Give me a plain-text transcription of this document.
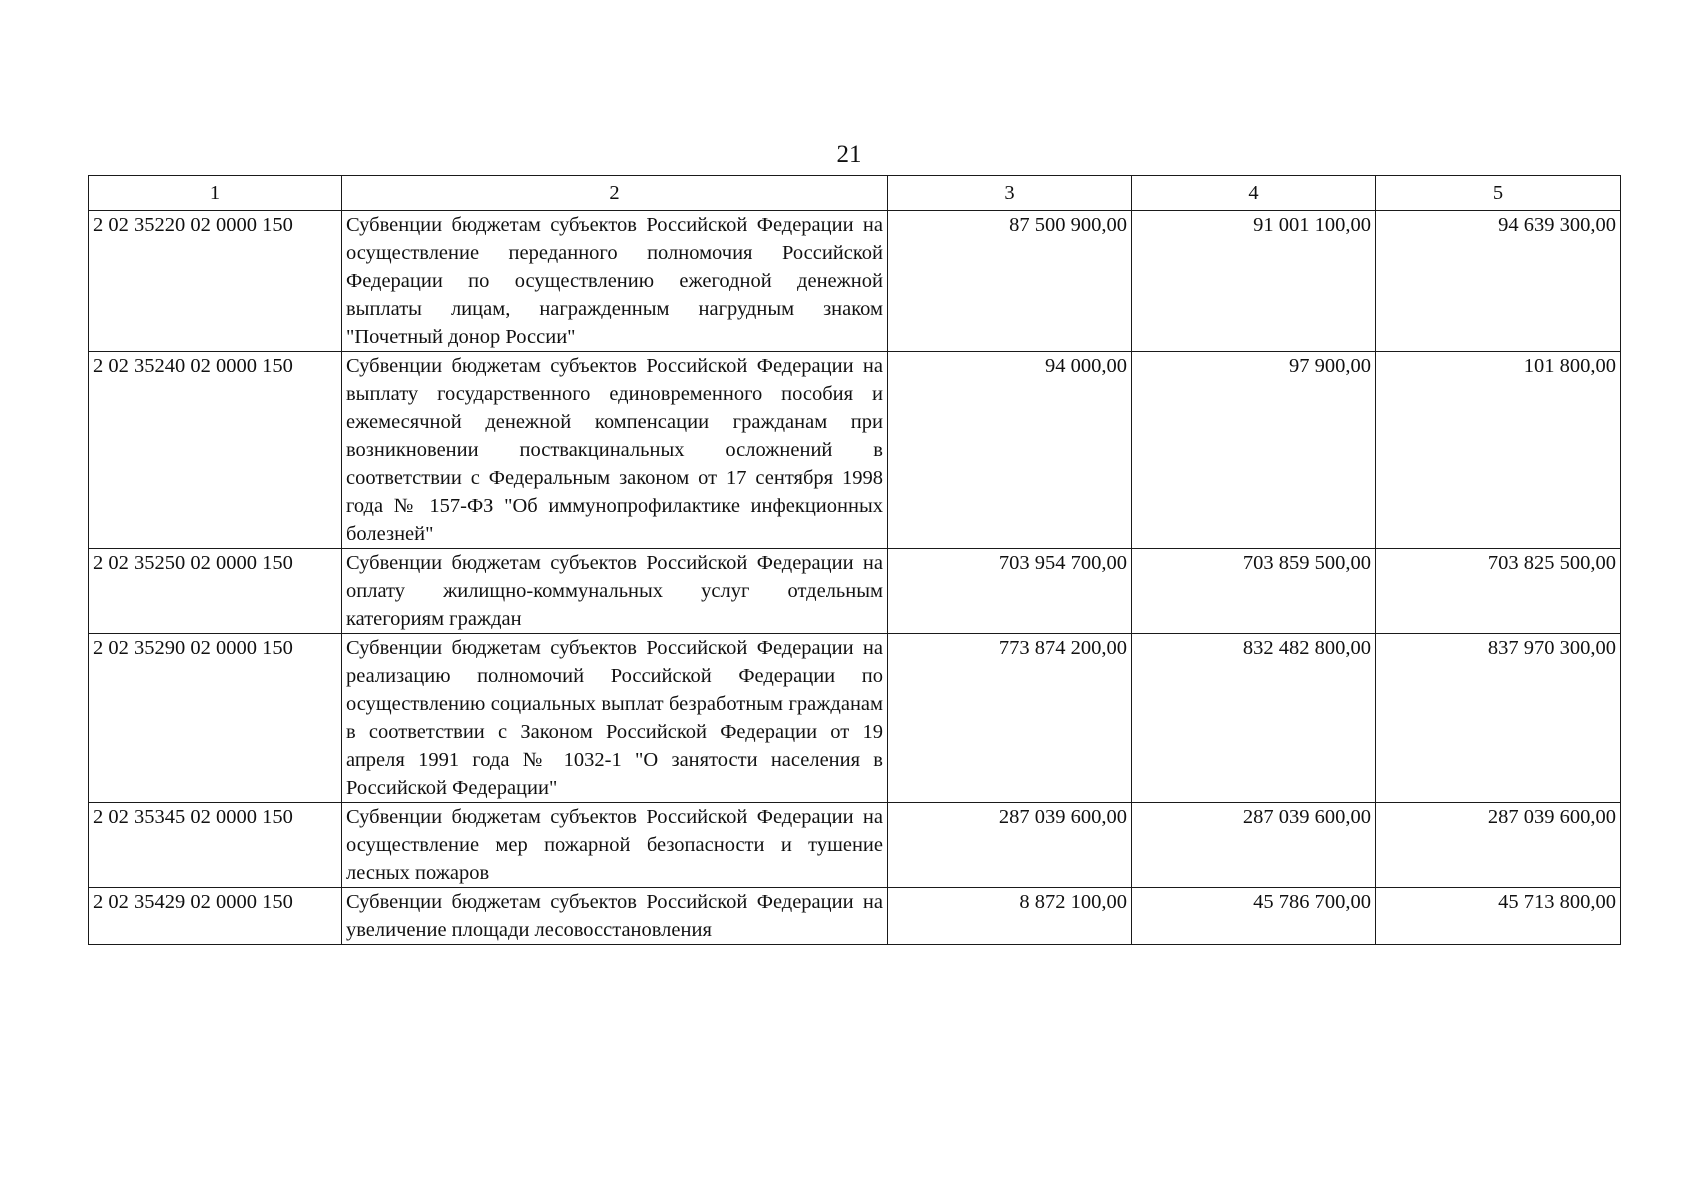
21
1	2	3	4	5
2 02 35220 02 0000 150	Субвенции бюджетам субъектов Российской Федерации на осуществление переданного полномочия Российской Федерации по осуществлению ежегодной денежной выплаты лицам, награжденным нагрудным знаком "Почетный донор России"	87 500 900,00	91 001 100,00	94 639 300,00
2 02 35240 02 0000 150	Субвенции бюджетам субъектов Российской Федерации на выплату государственного единовременного пособия и ежемесячной денежной компенсации гражданам при возникновении поствакцинальных осложнений в соответствии с Федеральным законом от 17 сентября 1998 года № 157-ФЗ "Об иммунопрофилактике инфекционных болезней"	94 000,00	97 900,00	101 800,00
2 02 35250 02 0000 150	Субвенции бюджетам субъектов Российской Федерации на оплату жилищно-коммунальных услуг отдельным категориям граждан	703 954 700,00	703 859 500,00	703 825 500,00
2 02 35290 02 0000 150	Субвенции бюджетам субъектов Российской Федерации на реализацию полномочий Российской Федерации по осуществлению социальных выплат безработным гражданам в соответствии с Законом Российской Федерации от 19 апреля 1991 года № 1032-1 "О занятости населения в Российской Федерации"	773 874 200,00	832 482 800,00	837 970 300,00
2 02 35345 02 0000 150	Субвенции бюджетам субъектов Российской Федерации на осуществление мер пожарной безопасности и тушение лесных пожаров	287 039 600,00	287 039 600,00	287 039 600,00
2 02 35429 02 0000 150	Субвенции бюджетам субъектов Российской Федерации на увеличение площади лесовосстановления	8 872 100,00	45 786 700,00	45 713 800,00
